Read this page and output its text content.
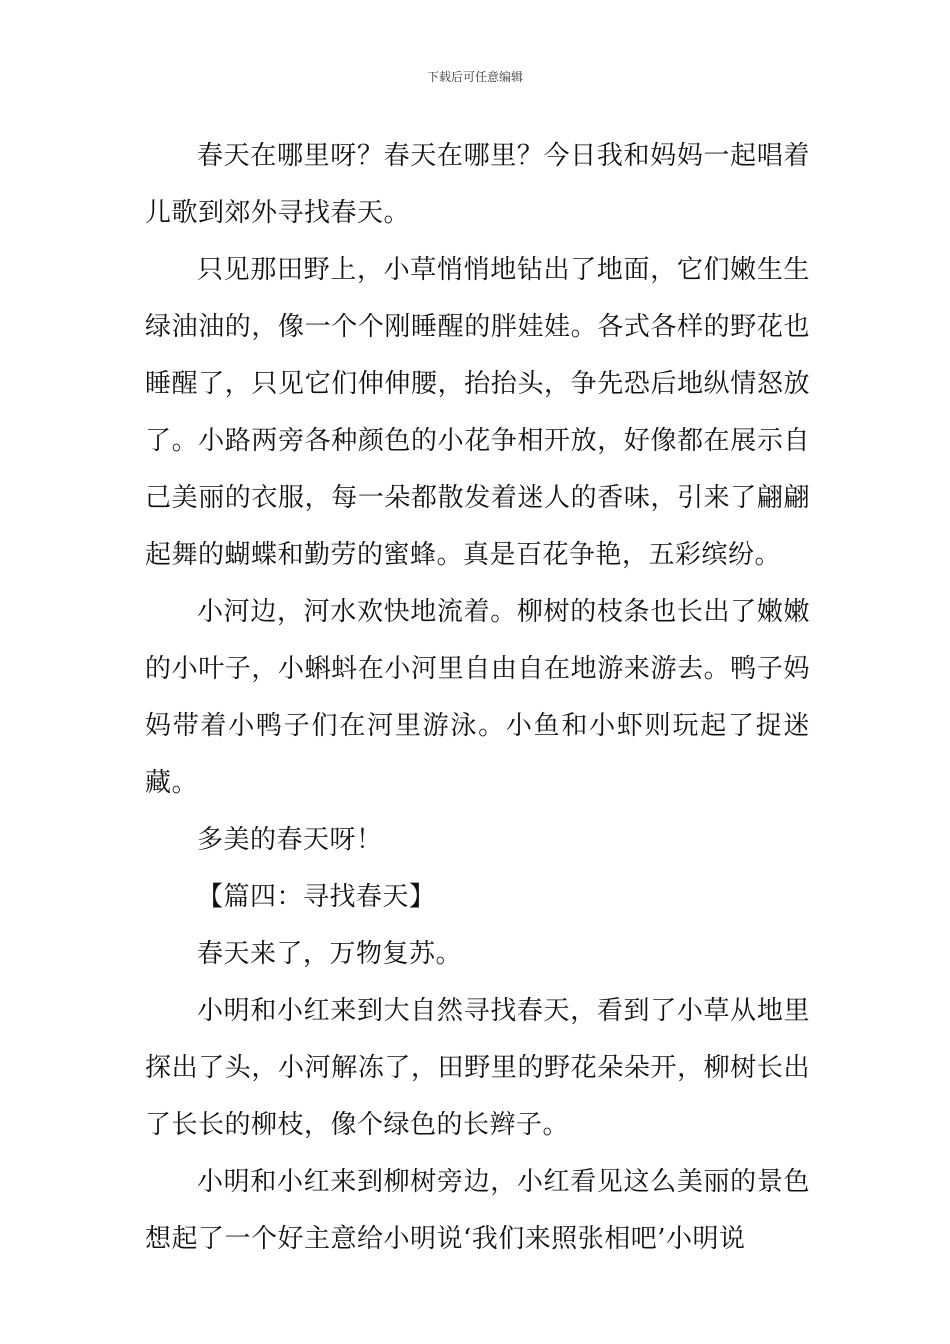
下载后可任意编辑

春天在哪里呀？春天在哪里？今日我和妈妈一起唱着儿歌到郊外寻找春天。

只见那田野上，小草悄悄地钻出了地面，它们嫩生生绿油油的，像一个个刚睡醒的胖娃娃。各式各样的野花也睡醒了，只见它们伸伸腰，抬抬头，争先恐后地纵情怒放了。小路两旁各种颜色的小花争相开放，好像都在展示自己美丽的衣服，每一朵都散发着迷人的香味，引来了翩翩起舞的蝴蝶和勤劳的蜜蜂。真是百花争艳，五彩缤纷。

小河边，河水欢快地流着。柳树的枝条也长出了嫩嫩的小叶子，小蝌蚪在小河里自由自在地游来游去。鸭子妈妈带着小鸭子们在河里游泳。小鱼和小虾则玩起了捉迷藏。

多美的春天呀！

【篇四：寻找春天】

春天来了，万物复苏。

小明和小红来到大自然寻找春天，看到了小草从地里探出了头，小河解冻了，田野里的野花朵朵开，柳树长出了长长的柳枝，像个绿色的长辫子。

小明和小红来到柳树旁边，小红看见这么美丽的景色想起了一个好主意给小明说‘我们来照张相吧’小明说
